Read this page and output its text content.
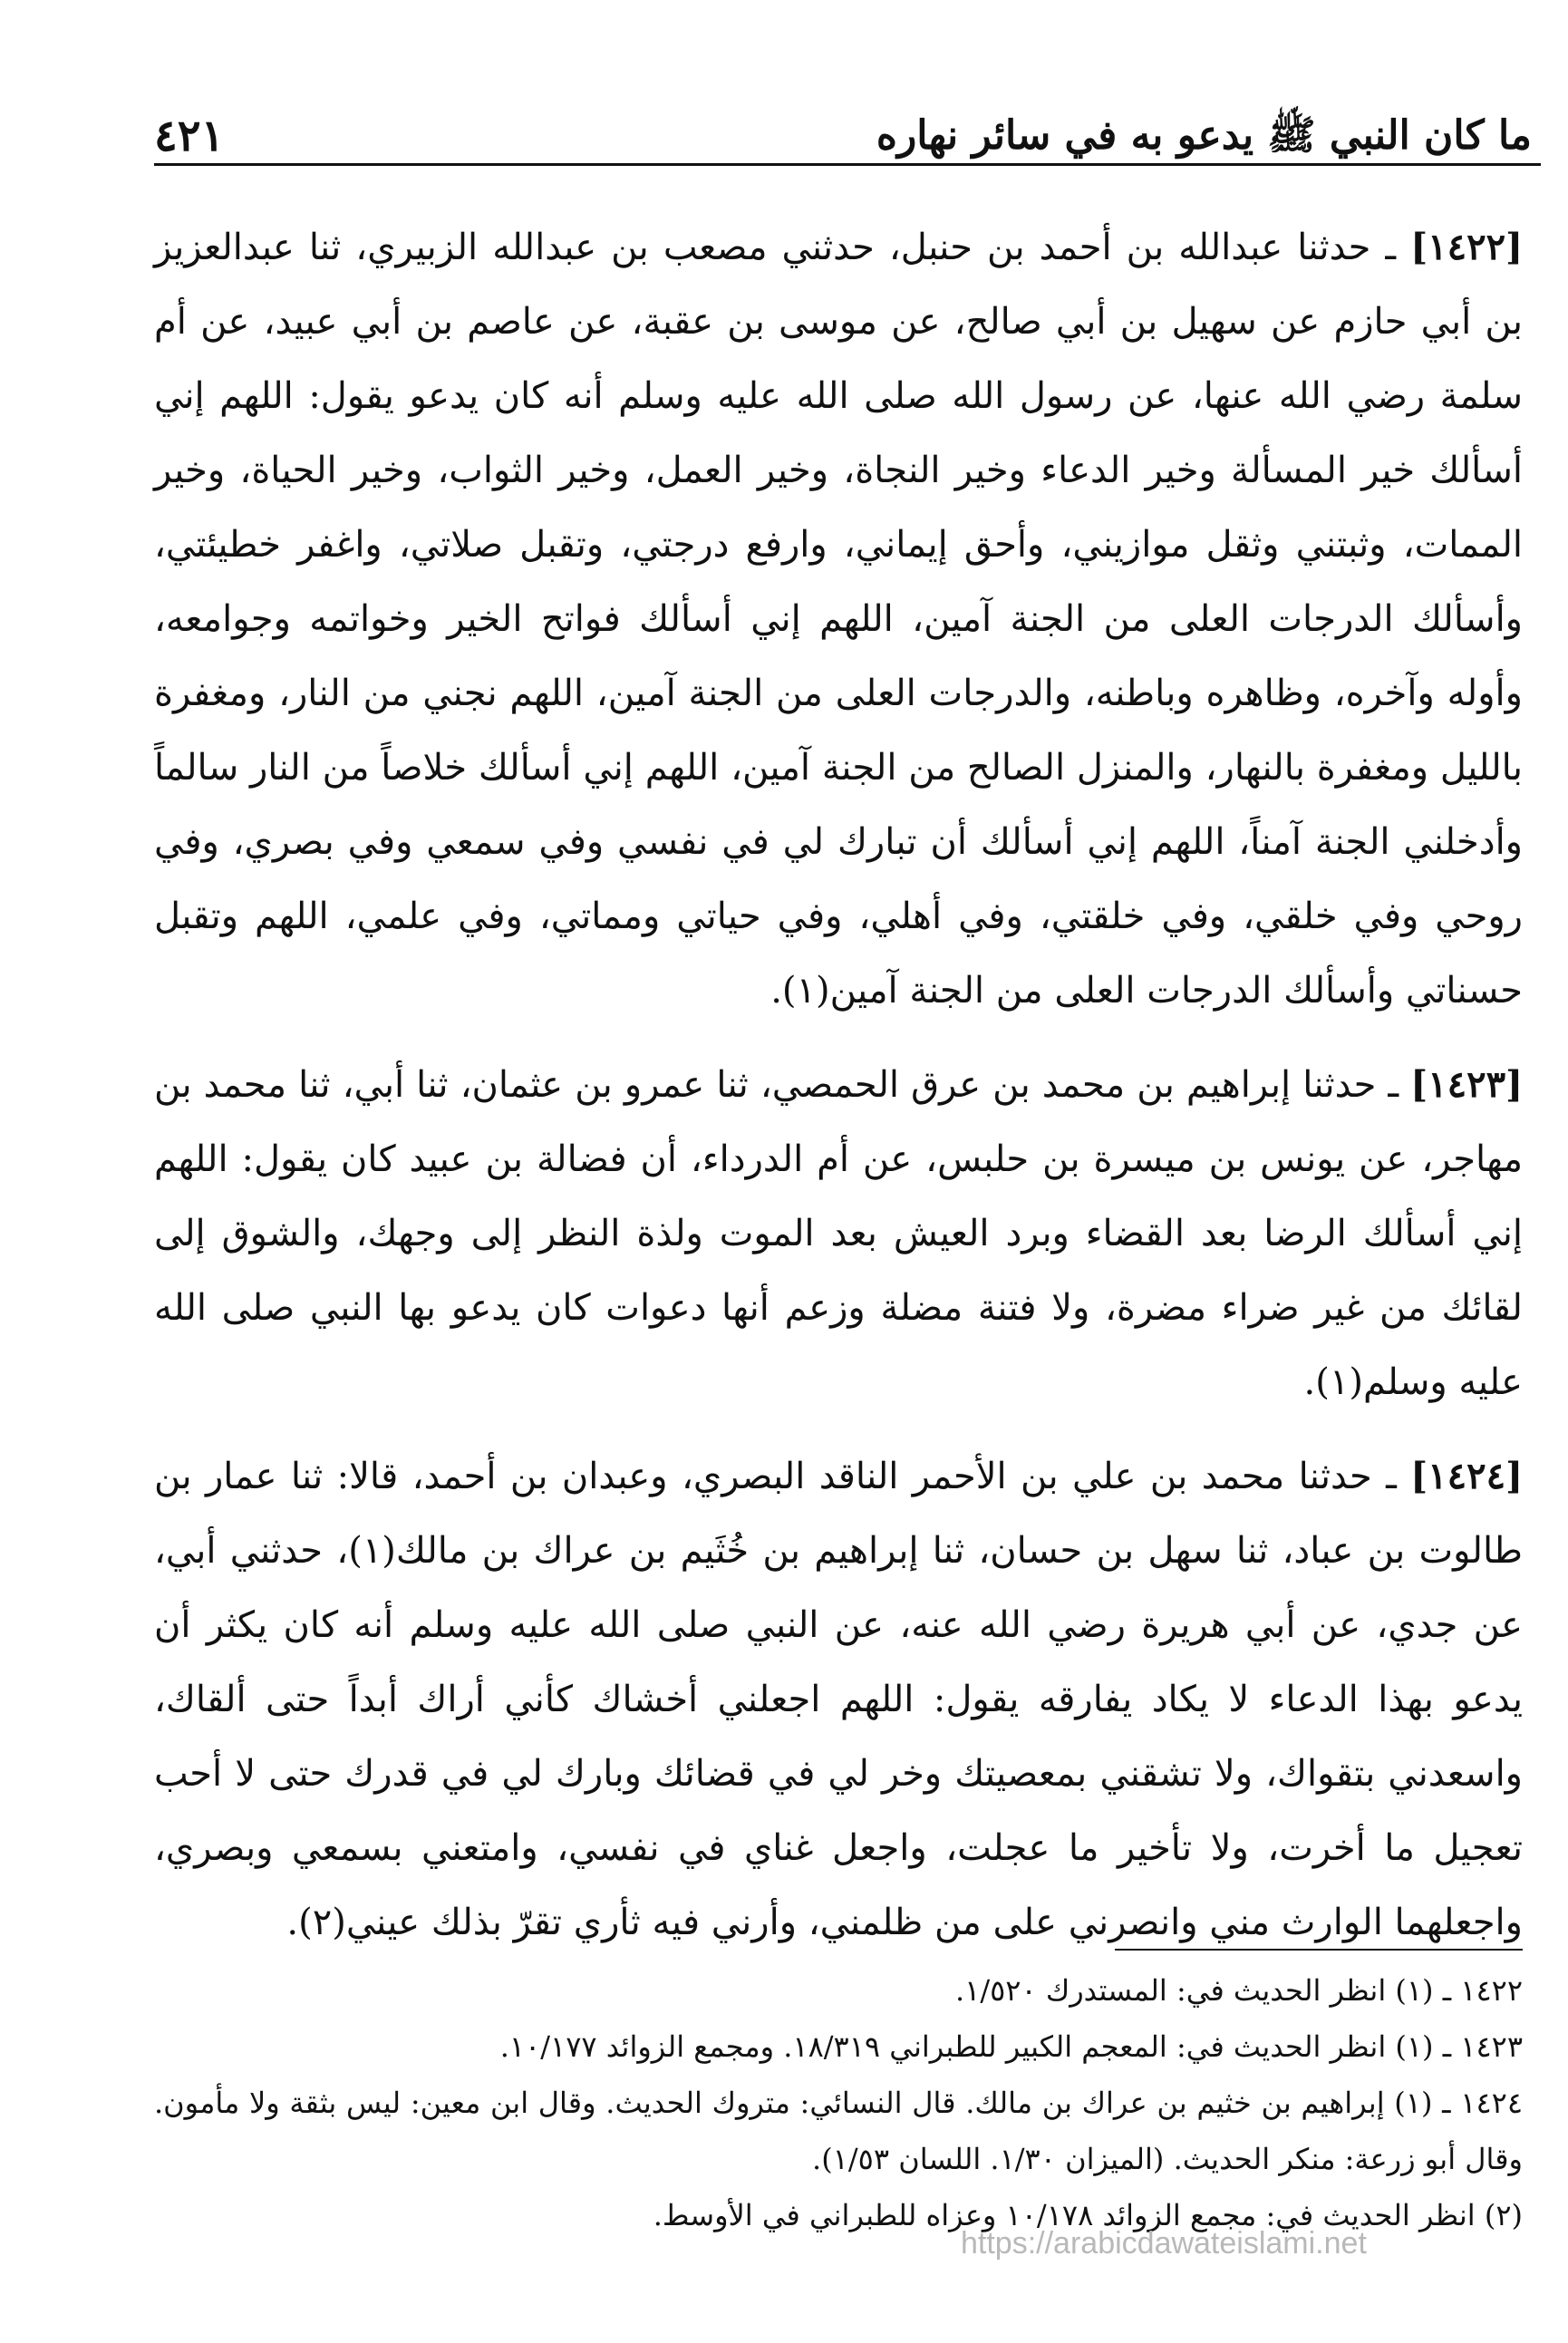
ما كان النبي ﷺ يدعو به في سائر نهاره
٤٢١

[١٤٢٢] ـ حدثنا عبدالله بن أحمد بن حنبل، حدثني مصعب بن عبدالله الزبيري، ثنا عبدالعزيز بن أبي حازم عن سهيل بن أبي صالح، عن موسى بن عقبة، عن عاصم بن أبي عبيد، عن أم سلمة رضي الله عنها، عن رسول الله صلى الله عليه وسلم أنه كان يدعو يقول: اللهم إني أسألك خير المسألة وخير الدعاء وخير النجاة، وخير العمل، وخير الثواب، وخير الحياة، وخير الممات، وثبتني وثقل موازيني، وأحق إيماني، وارفع درجتي، وتقبل صلاتي، واغفر خطيئتي، وأسألك الدرجات العلى من الجنة آمين، اللهم إني أسألك فواتح الخير وخواتمه وجوامعه، وأوله وآخره، وظاهره وباطنه، والدرجات العلى من الجنة آمين، اللهم نجني من النار، ومغفرة بالليل ومغفرة بالنهار، والمنزل الصالح من الجنة آمين، اللهم إني أسألك خلاصاً من النار سالماً وأدخلني الجنة آمناً، اللهم إني أسألك أن تبارك لي في نفسي وفي سمعي وفي بصري، وفي روحي وفي خلقي، وفي خلقتي، وفي أهلي، وفي حياتي ومماتي، وفي علمي، اللهم وتقبل حسناتي وأسألك الدرجات العلى من الجنة آمين(١).

[١٤٢٣] ـ حدثنا إبراهيم بن محمد بن عرق الحمصي، ثنا عمرو بن عثمان، ثنا أبي، ثنا محمد بن مهاجر، عن يونس بن ميسرة بن حلبس، عن أم الدرداء، أن فضالة بن عبيد كان يقول: اللهم إني أسألك الرضا بعد القضاء وبرد العيش بعد الموت ولذة النظر إلى وجهك، والشوق إلى لقائك من غير ضراء مضرة، ولا فتنة مضلة وزعم أنها دعوات كان يدعو بها النبي صلى الله عليه وسلم(١).

[١٤٢٤] ـ حدثنا محمد بن علي بن الأحمر الناقد البصري، وعبدان بن أحمد، قالا: ثنا عمار بن طالوت بن عباد، ثنا سهل بن حسان، ثنا إبراهيم بن خُثَيم بن عراك بن مالك(١)، حدثني أبي، عن جدي، عن أبي هريرة رضي الله عنه، عن النبي صلى الله عليه وسلم أنه كان يكثر أن يدعو بهذا الدعاء لا يكاد يفارقه يقول: اللهم اجعلني أخشاك كأني أراك أبداً حتى ألقاك، واسعدني بتقواك، ولا تشقني بمعصيتك وخر لي في قضائك وبارك لي في قدرك حتى لا أحب تعجيل ما أخرت، ولا تأخير ما عجلت، واجعل غناي في نفسي، وامتعني بسمعي وبصري، واجعلهما الوارث مني وانصرني على من ظلمني، وأرني فيه ثأري تقرّ بذلك عيني(٢).

١٤٢٢ ـ (١) انظر الحديث في: المستدرك ١/٥٢٠.

١٤٢٣ ـ (١) انظر الحديث في: المعجم الكبير للطبراني ١٨/٣١٩. ومجمع الزوائد ١٠/١٧٧.

١٤٢٤ ـ (١) إبراهيم بن خثيم بن عراك بن مالك. قال النسائي: متروك الحديث. وقال ابن معين: ليس بثقة ولا مأمون. وقال أبو زرعة: منكر الحديث. (الميزان ١/٣٠. اللسان ١/٥٣).

(٢) انظر الحديث في: مجمع الزوائد ١٠/١٧٨ وعزاه للطبراني في الأوسط.

https://arabicdawateislami.net
